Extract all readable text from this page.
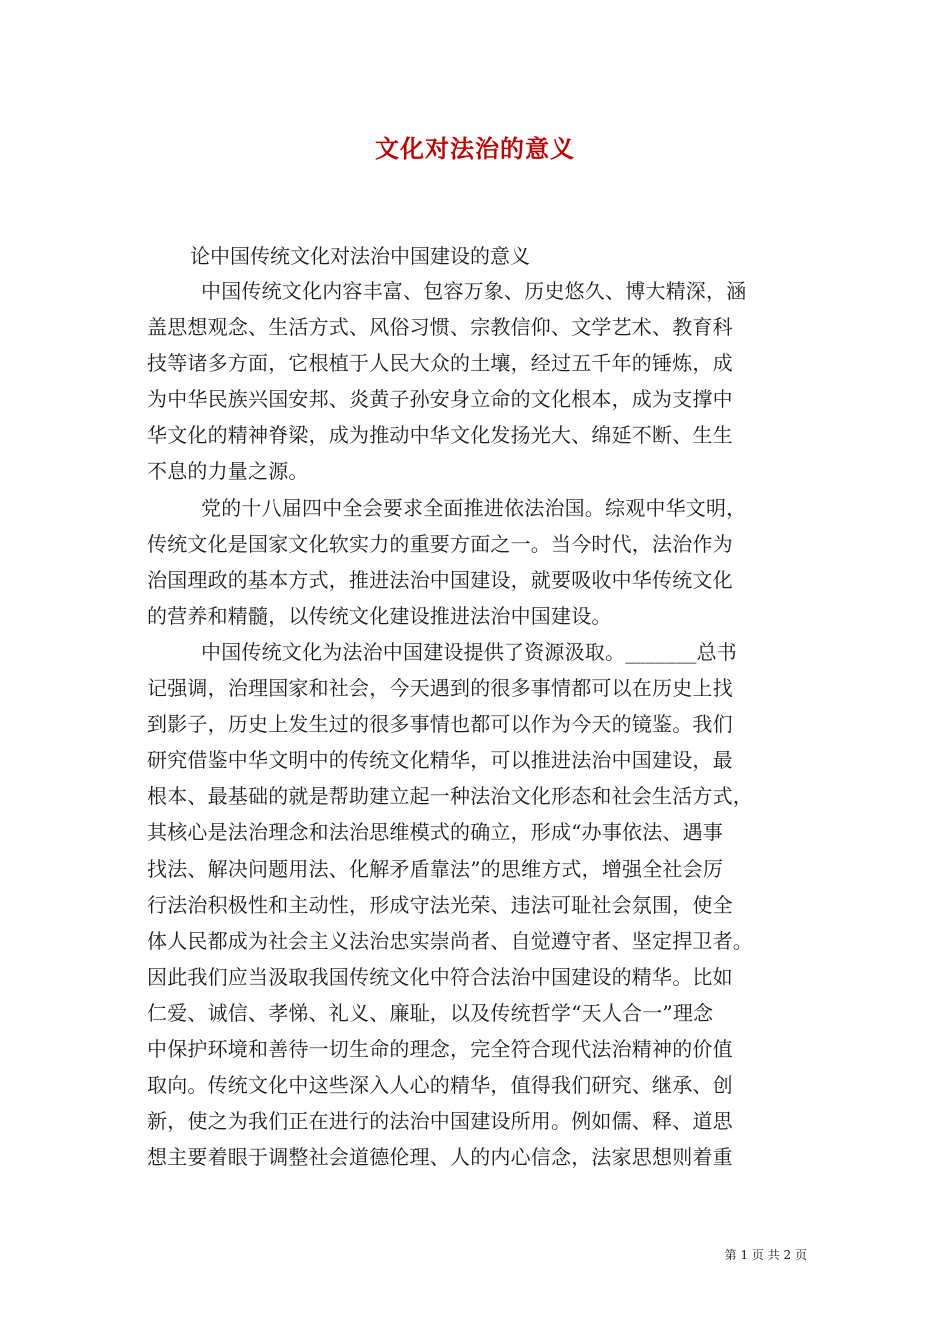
文化对法治的意义
论中国传统文化对法治中国建设的意义
中国传统文化内容丰富、包容万象、历史悠久、博大精深，涵
盖思想观念、生活方式、风俗习惯、宗教信仰、文学艺术、教育科
技等诸多方面，它根植于人民大众的土壤，经过五千年的锤炼，成
为中华民族兴国安邦、炎黄子孙安身立命的文化根本，成为支撑中
华文化的精神脊梁，成为推动中华文化发扬光大、绵延不断、生生
不息的力量之源。
党的十八届四中全会要求全面推进依法治国。综观中华文明，
传统文化是国家文化软实力的重要方面之一。当今时代，法治作为
治国理政的基本方式，推进法治中国建设，就要吸收中华传统文化
的营养和精髓，以传统文化建设推进法治中国建设。
中国传统文化为法治中国建设提供了资源汲取。_______总书
记强调，治理国家和社会，今天遇到的很多事情都可以在历史上找
到影子，历史上发生过的很多事情也都可以作为今天的镜鉴。我们
研究借鉴中华文明中的传统文化精华，可以推进法治中国建设，最
根本、最基础的就是帮助建立起一种法治文化形态和社会生活方式，
其核心是法治理念和法治思维模式的确立，形成“办事依法、遇事
找法、解决问题用法、化解矛盾靠法”的思维方式，增强全社会厉
行法治积极性和主动性，形成守法光荣、违法可耻社会氛围，使全
体人民都成为社会主义法治忠实崇尚者、自觉遵守者、坚定捍卫者。
因此我们应当汲取我国传统文化中符合法治中国建设的精华。比如
仁爱、诚信、孝悌、礼义、廉耻，以及传统哲学“天人合一”理念
中保护环境和善待一切生命的理念，完全符合现代法治精神的价值
取向。传统文化中这些深入人心的精华，值得我们研究、继承、创
新，使之为我们正在进行的法治中国建设所用。例如儒、释、道思
想主要着眼于调整社会道德伦理、人的内心信念，法家思想则着重
第 1 页 共 2 页
